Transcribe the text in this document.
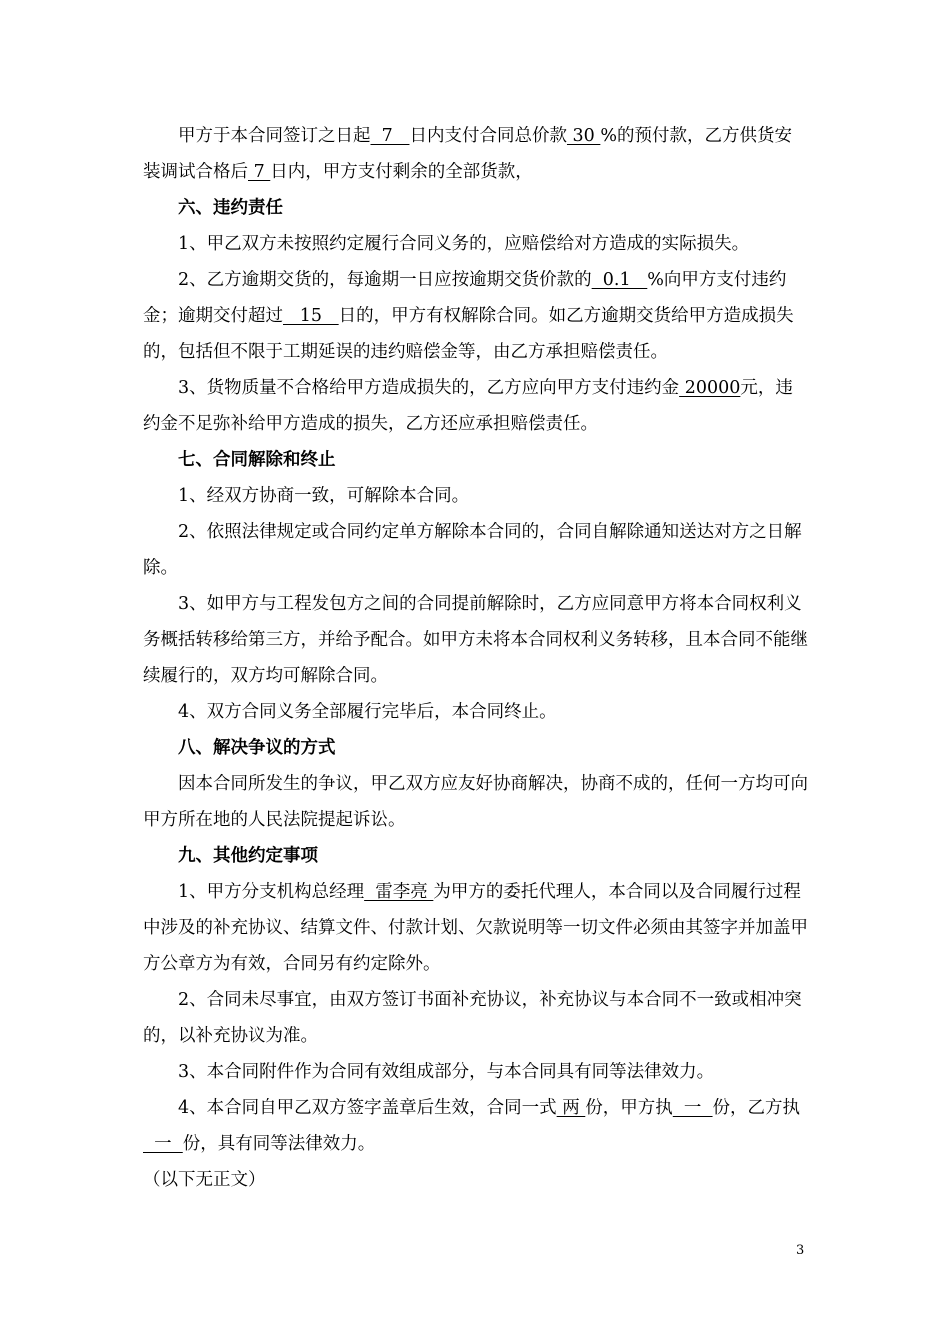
甲方于本合同签订之日起  7   日内支付合同总价款 30 %的预付款，乙方供货安装调试合格后 7 日内，甲方支付剩余的全部货款，

六、违约责任

1、甲乙双方未按照约定履行合同义务的，应赔偿给对方造成的实际损失。

2、乙方逾期交货的，每逾期一日应按逾期交货价款的  0.1   %向甲方支付违约金；逾期交付超过   15   日的，甲方有权解除合同。如乙方逾期交货给甲方造成损失的，包括但不限于工期延误的违约赔偿金等，由乙方承担赔偿责任。

3、货物质量不合格给甲方造成损失的，乙方应向甲方支付违约金 20000元，违约金不足弥补给甲方造成的损失，乙方还应承担赔偿责任。

七、合同解除和终止

1、经双方协商一致，可解除本合同。

2、依照法律规定或合同约定单方解除本合同的，合同自解除通知送达对方之日解除。

3、如甲方与工程发包方之间的合同提前解除时，乙方应同意甲方将本合同权利义务概括转移给第三方，并给予配合。如甲方未将本合同权利义务转移，且本合同不能继续履行的，双方均可解除合同。

4、双方合同义务全部履行完毕后，本合同终止。

八、解决争议的方式

因本合同所发生的争议，甲乙双方应友好协商解决，协商不成的，任何一方均可向甲方所在地的人民法院提起诉讼。

九、其他约定事项

1、甲方分支机构总经理  雷李亮 为甲方的委托代理人，本合同以及合同履行过程中涉及的补充协议、结算文件、付款计划、欠款说明等一切文件必须由其签字并加盖甲方公章方为有效，合同另有约定除外。

2、合同未尽事宜，由双方签订书面补充协议，补充协议与本合同不一致或相冲突的，以补充协议为准。

3、本合同附件作为合同有效组成部分，与本合同具有同等法律效力。

4、本合同自甲乙双方签字盖章后生效，合同一式 两 份，甲方执  一  份，乙方执  一  份，具有同等法律效力。

（以下无正文）

3
